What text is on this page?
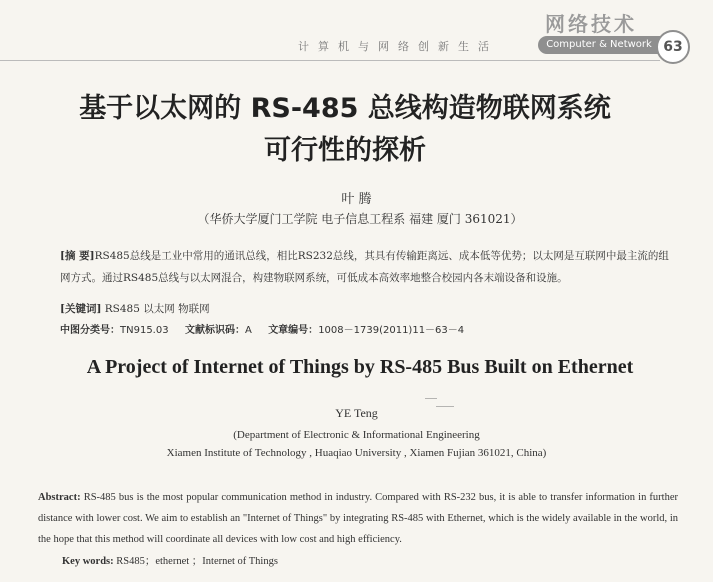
网络技术
计算机与网络创新生活	Computer & Network 63
基于以太网的 RS-485 总线构造物联网系统
可行性的探析
叶 腾
（华侨大学厦门工学院 电子信息工程系 福建 厦门 361021）
[摘 要]RS485总线是工业中常用的通讯总线，相比RS232总线，其具有传输距离远、成本低等优势；以太网是互联网中最主流的组网方式。通过RS485总线与以太网混合，构建物联网系统，可低成本高效率地整合校园内各末端设备和设施。
[关键词] RS485 以太网 物联网
中图分类号：TN915.03 文献标识码：A 文章编号：1008－1739(2011)11－63－4
A Project of Internet of Things by RS-485 Bus Built on Ethernet
YE Teng
(Department of Electronic & Informational Engineering
Xiamen Institute of Technology , Huaqiao University , Xiamen Fujian 361021, China)
Abstract: RS-485 bus is the most popular communication method in industry. Compared with RS-232 bus, it is able to transfer information in further distance with lower cost. We aim to establish an "Internet of Things" by integrating RS-485 with Ethernet, which is the widely available in the world, in the hope that this method will coordinate all devices with low cost and high efficiency.
Key words: RS485；ethernet ；Internet of Things
